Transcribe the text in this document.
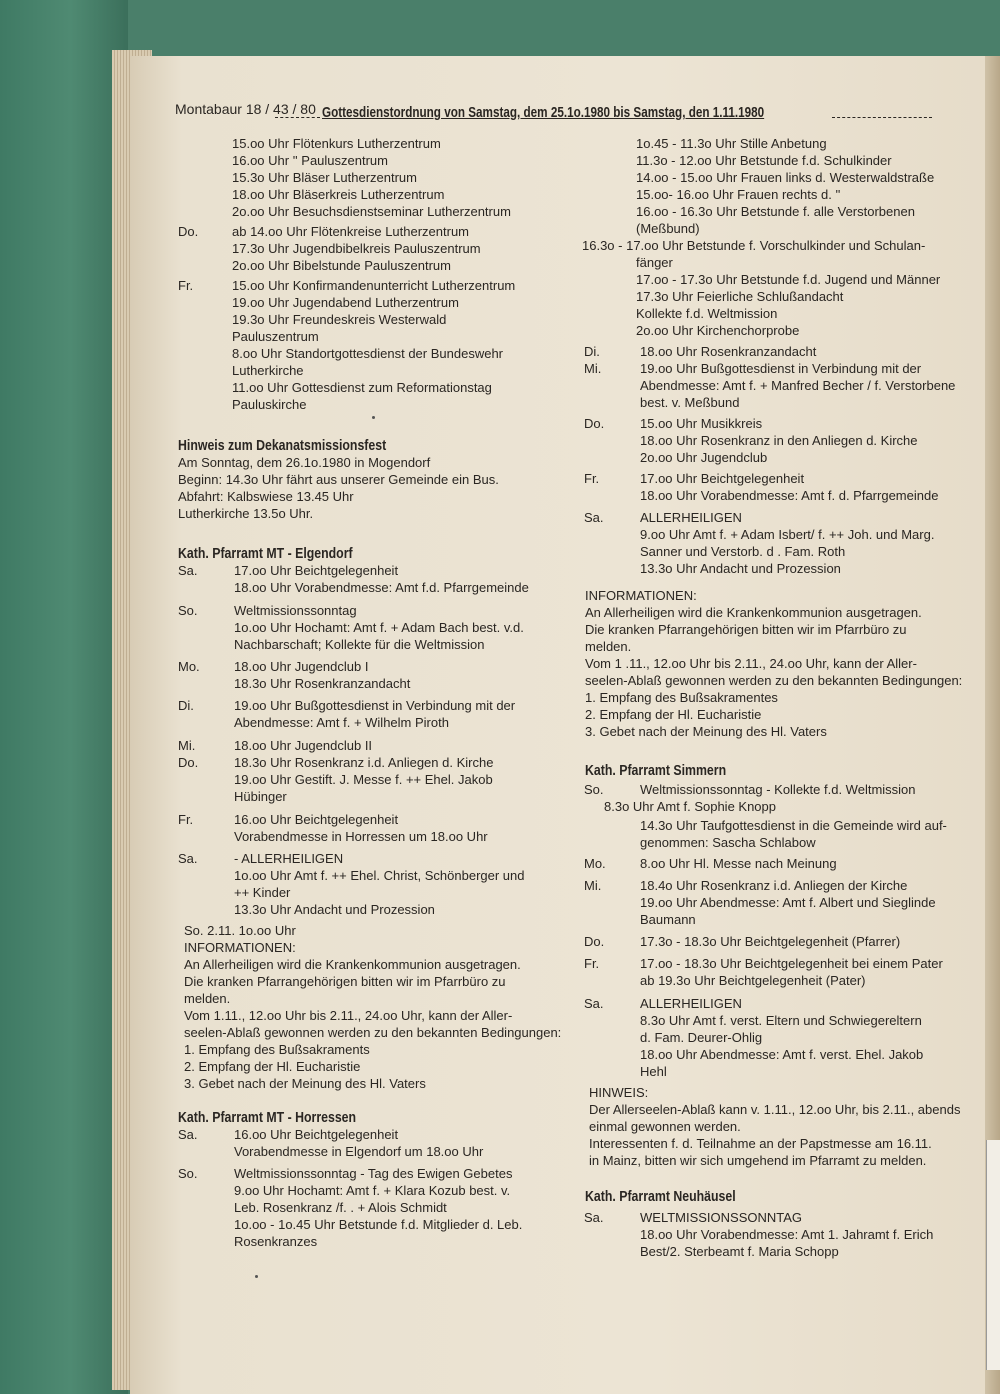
Montabaur 18 / 43 / 80 Gottesdienstordnung von Samstag, dem 25.1o.1980 bis Samstag, den 1.11.1980
15.oo Uhr Flötenkurs Lutherzentrum
16.oo Uhr '' Pauluszentrum
15.3o Uhr Bläser Lutherzentrum
18.oo Uhr Bläserkreis Lutherzentrum
2o.oo Uhr Besuchsdienstseminar Lutherzentrum
Do.	ab 14.oo Uhr Flötenkreise Lutherzentrum
17.3o Uhr Jugendbibelkreis Pauluszentrum
2o.oo Uhr Bibelstunde Pauluszentrum
Fr.	15.oo Uhr Konfirmandenunterricht Lutherzentrum
19.oo Uhr Jugendabend Lutherzentrum
19.3o Uhr Freundeskreis Westerwald
Pauluszentrum
8.oo Uhr Standortgottesdienst der Bundeswehr
Lutherkirche
11.oo Uhr Gottesdienst zum Reformationstag
Pauluskirche
Hinweis zum Dekanatsmissionsfest
Am Sonntag, dem 26.1o.1980 in Mogendorf
Beginn: 14.3o Uhr fährt aus unserer Gemeinde ein Bus.
Abfahrt: Kalbswiese 13.45 Uhr
Lutherkirche 13.5o Uhr.
Kath. Pfarramt MT - Elgendorf
Sa.	17.oo Uhr Beichtgelegenheit
18.oo Uhr Vorabendmesse: Amt f.d. Pfarrgemeinde
So.	Weltmissionssonntag
1o.oo Uhr Hochamt: Amt f. + Adam Bach best. v.d.
Nachbarschaft; Kollekte für die Weltmission
Mo.	18.oo Uhr Jugendclub I
18.3o Uhr Rosenkranzandacht
Di.	19.oo Uhr Bußgottesdienst in Verbindung mit der
Abendmesse: Amt f. + Wilhelm Piroth
Mi.	18.oo Uhr Jugendclub II
Do.	18.3o Uhr Rosenkranz i.d. Anliegen d. Kirche
19.oo Uhr Gestift. J. Messe f. ++ Ehel. Jakob
Hübinger
Fr.	16.oo Uhr Beichtgelegenheit
Vorabendmesse in Horressen um 18.oo Uhr
Sa.	- ALLERHEILIGEN
1o.oo Uhr Amt f. ++ Ehel. Christ, Schönberger und
++ Kinder
13.3o Uhr Andacht und Prozession
So. 2.11. 1o.oo Uhr
INFORMATIONEN:
An Allerheiligen wird die Krankenkommunion ausgetragen.
Die kranken Pfarrangehörigen bitten wir im Pfarrbüro zu
melden.
Vom 1.11., 12.oo Uhr bis 2.11., 24.oo Uhr, kann der Aller-
seelen-Ablaß gewonnen werden zu den bekannten Bedingungen:
1. Empfang des Bußsakraments
2. Empfang der Hl. Eucharistie
3. Gebet nach der Meinung des Hl. Vaters
Kath. Pfarramt MT - Horressen
Sa.	16.oo Uhr Beichtgelegenheit
Vorabendmesse in Elgendorf um 18.oo Uhr
So.	Weltmissionssonntag - Tag des Ewigen Gebetes
9.oo Uhr Hochamt: Amt f. + Klara Kozub best. v.
Leb. Rosenkranz /f. . + Alois Schmidt
1o.oo - 1o.45 Uhr Betstunde f.d. Mitglieder d. Leb.
Rosenkranzes
1o.45 - 11.3o Uhr Stille Anbetung
11.3o - 12.oo Uhr Betstunde f.d. Schulkinder
14.oo - 15.oo Uhr Frauen links d. Westerwaldstraße
15.oo- 16.oo Uhr Frauen rechts d. ''
16.oo - 16.3o Uhr Betstunde f. alle Verstorbenen
(Meßbund)
16.3o - 17.oo Uhr Betstunde f. Vorschulkinder und Schulan-
fänger
17.oo - 17.3o Uhr Betstunde f.d. Jugend und Männer
17.3o Uhr Feierliche Schlußandacht
Kollekte f.d. Weltmission
2o.oo Uhr Kirchenchorprobe
Di.	18.oo Uhr Rosenkranzandacht
Mi.	19.oo Uhr Bußgottesdienst in Verbindung mit der
Abendmesse: Amt f. + Manfred Becher / f. Verstorbene
best. v. Meßbund
Do.	15.oo Uhr Musikkreis
18.oo Uhr Rosenkranz in den Anliegen d. Kirche
2o.oo Uhr Jugendclub
Fr.	17.oo Uhr Beichtgelegenheit
18.oo Uhr Vorabendmesse: Amt f. d. Pfarrgemeinde
Sa.	ALLERHEILIGEN
9.oo Uhr Amt f. + Adam Isbert/ f. ++ Joh. und Marg.
Sanner und Verstorb. d . Fam. Roth
13.3o Uhr Andacht und Prozession
INFORMATIONEN:
An Allerheiligen wird die Krankenkommunion ausgetragen.
Die kranken Pfarrangehörigen bitten wir im Pfarrbüro zu
melden.
Vom 1 .11., 12.oo Uhr bis 2.11., 24.oo Uhr, kann der Aller-
seelen-Ablaß gewonnen werden zu den bekannten Bedingungen:
1. Empfang des Bußsakramentes
2. Empfang der Hl. Eucharistie
3. Gebet nach der Meinung des Hl. Vaters
Kath. Pfarramt Simmern
So.	Weltmissionssonntag - Kollekte f.d. Weltmission
8.3o Uhr Amt f. Sophie Knopp
14.3o Uhr Taufgottesdienst in die Gemeinde wird auf-
genommen: Sascha Schlabow
Mo.	8.oo Uhr Hl. Messe nach Meinung
Mi.	18.4o Uhr Rosenkranz i.d. Anliegen der Kirche
19.oo Uhr Abendmesse: Amt f. Albert und Sieglinde
Baumann
Do.	17.3o - 18.3o Uhr Beichtgelegenheit (Pfarrer)
Fr.	17.oo - 18.3o Uhr Beichtgelegenheit bei einem Pater
ab 19.3o Uhr Beichtgelegenheit (Pater)
Sa.	ALLERHEILIGEN
8.3o Uhr Amt f. verst. Eltern und Schwiegereltern
d. Fam. Deurer-Ohlig
18.oo Uhr Abendmesse: Amt f. verst. Ehel. Jakob
Hehl
HINWEIS:
Der Allerseelen-Ablaß kann v. 1.11., 12.oo Uhr, bis 2.11., abends
einmal gewonnen werden.
Interessenten f. d. Teilnahme an der Papstmesse am 16.11.
in Mainz, bitten wir sich umgehend im Pfarramt zu melden.
Kath. Pfarramt Neuhäusel
Sa.	WELTMISSIONSSONNTAG
18.oo Uhr Vorabendmesse: Amt 1. Jahramt f. Erich
Best/2. Sterbeamt f. Maria Schopp
